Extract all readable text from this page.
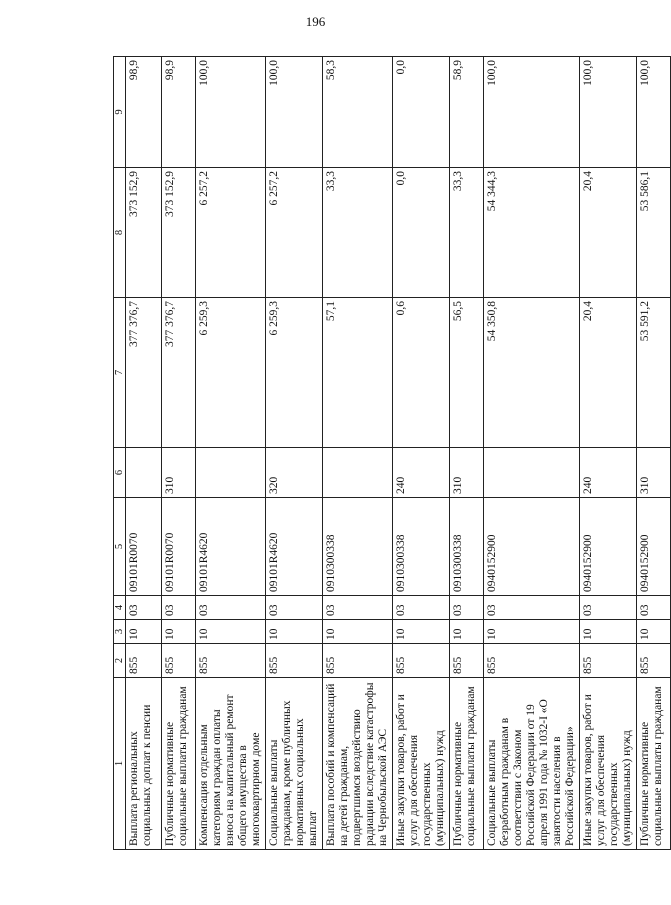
196
1	2	3	4	5	6	7	8	9
Выплата региональных социальных доплат к пенсии	855	10	03	09101R0070		377 376,7	373 152,9	98,9
Публичные нормативные социальные выплаты гражданам	855	10	03	09101R0070	310	377 376,7	373 152,9	98,9
Компенсация отдельным категориям граждан оплаты взноса на капитальный ремонт общего имущества в многоквартирном доме	855	10	03	09101R4620		6 259,3	6 257,2	100,0
Социальные выплаты гражданам, кроме публичных нормативных социальных выплат	855	10	03	09101R4620	320	6 259,3	6 257,2	100,0
Выплата пособий и компенсаций на детей гражданам, подвергшимся воздействию радиации вследствие катастрофы на Чернобыльской АЭС	855	10	03	0910300338		57,1	33,3	58,3
Иные закупки товаров, работ и услуг для обеспечения государственных (муниципальных) нужд	855	10	03	0910300338	240	0,6	0,0	0,0
Публичные нормативные социальные выплаты гражданам	855	10	03	0910300338	310	56,5	33,3	58,9
Социальные выплаты безработным гражданам в соответствии с Законом Российской Федерации от 19 апреля 1991 года № 1032-I «О занятости населения в Российской Федерации»	855	10	03	0940152900		54 350,8	54 344,3	100,0
Иные закупки товаров, работ и услуг для обеспечения государственных (муниципальных) нужд	855	10	03	0940152900	240	20,4	20,4	100,0
Публичные нормативные социальные выплаты гражданам	855	10	03	0940152900	310	53 591,2	53 586,1	100,0
